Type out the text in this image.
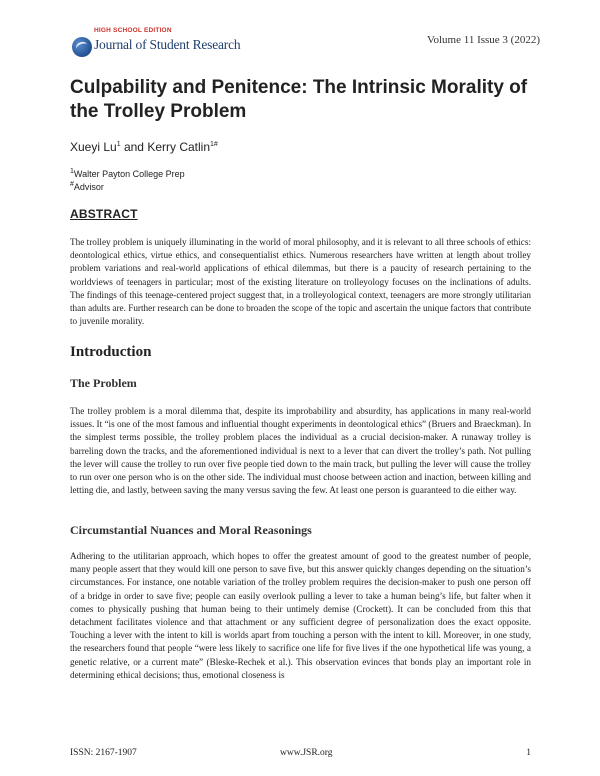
HIGH SCHOOL EDITION
Journal of Student Research	Volume 11 Issue 3 (2022)
Culpability and Penitence: The Intrinsic Morality of the Trolley Problem
Xueyi Lu$^1$ and Kerry Catlin$^{1\#}$
$^1$Walter Payton College Prep
#Advisor
ABSTRACT

The trolley problem is uniquely illuminating in the world of moral philosophy, and it is relevant to all three schools of ethics: deontological ethics, virtue ethics, and consequentialist ethics. Numerous researchers have written at length about trolley problem variations and real-world applications of ethical dilemmas, but there is a paucity of research pertaining to the worldviews of teenagers in particular; most of the existing literature on trolleyology focuses on the inclinations of adults. The findings of this teenage-centered project suggest that, in a trolleyological context, teenagers are more strongly utilitarian than adults are. Further research can be done to broaden the scope of the topic and ascertain the unique factors that contribute to juvenile morality.

Introduction
The Problem

The trolley problem is a moral dilemma that, despite its improbability and absurdity, has applications in many real-world issues. It “is one of the most famous and influential thought experiments in deontological ethics” (Bruers and Braeckman). In the simplest terms possible, the trolley problem places the individual as a crucial decision-maker. A runaway trolley is barreling down the tracks, and the aforementioned individual is next to a lever that can divert the trolley’s path. Not pulling the lever will cause the trolley to run over five people tied down to the main track, but pulling the lever will cause the trolley to run over one person who is on the other side. The individual must choose between action and inaction, between killing and letting die, and lastly, between saving the many versus saving the few. At least one person is guaranteed to die either way.

Circumstantial Nuances and Moral Reasonings

Adhering to the utilitarian approach, which hopes to offer the greatest amount of good to the greatest number of people, many people assert that they would kill one person to save five, but this answer quickly changes depending on the situation’s circumstances. For instance, one notable variation of the trolley problem requires the decision-maker to push one person off of a bridge in order to save five; people can easily overlook pulling a lever to take a human being’s life, but falter when it comes to physically pushing that human being to their untimely demise (Crockett). It can be concluded from this that detachment facilitates violence and that attachment or any sufficient degree of personalization does the exact opposite. Touching a lever with the intent to kill is worlds apart from touching a person with the intent to kill. Moreover, in one study, the researchers found that people “were less likely to sacrifice one life for five lives if the one hypothetical life was young, a genetic relative, or a current mate” (Bleske-Rechek et al.). This observation evinces that bonds play an important role in determining ethical decisions; thus, emotional closeness is

ISSN: 2167-1907	www.JSR.org	1
